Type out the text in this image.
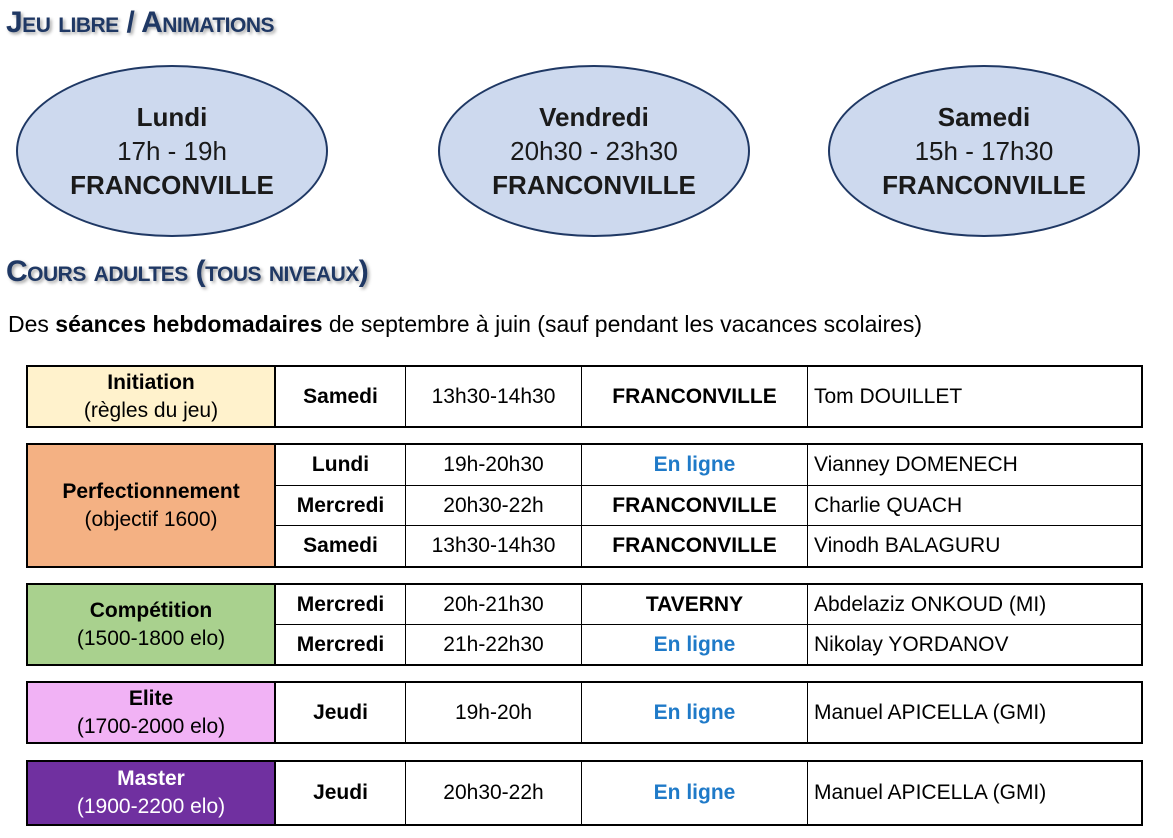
Jeu libre / Animations
Lundi
17h - 19h
FRANCONVILLE
Vendredi
20h30 - 23h30
FRANCONVILLE
Samedi
15h - 17h30
FRANCONVILLE
Cours adultes (tous niveaux)
Des séances hebdomadaires de septembre à juin (sauf pendant les vacances scolaires)
Initiation
(règles du jeu)
Samedi	13h30-14h30	FRANCONVILLE	Tom DOUILLET
Perfectionnement
(objectif 1600)
Lundi	19h-20h30	En ligne	Vianney DOMENECH
Mercredi	20h30-22h	FRANCONVILLE	Charlie QUACH
Samedi	13h30-14h30	FRANCONVILLE	Vinodh BALAGURU
Compétition
(1500-1800 elo)
Mercredi	20h-21h30	TAVERNY	Abdelaziz ONKOUD (MI)
Mercredi	21h-22h30	En ligne	Nikolay YORDANOV
Elite
(1700-2000 elo)
Jeudi	19h-20h	En ligne	Manuel APICELLA (GMI)
Master
(1900-2200 elo)
Jeudi	20h30-22h	En ligne	Manuel APICELLA (GMI)
